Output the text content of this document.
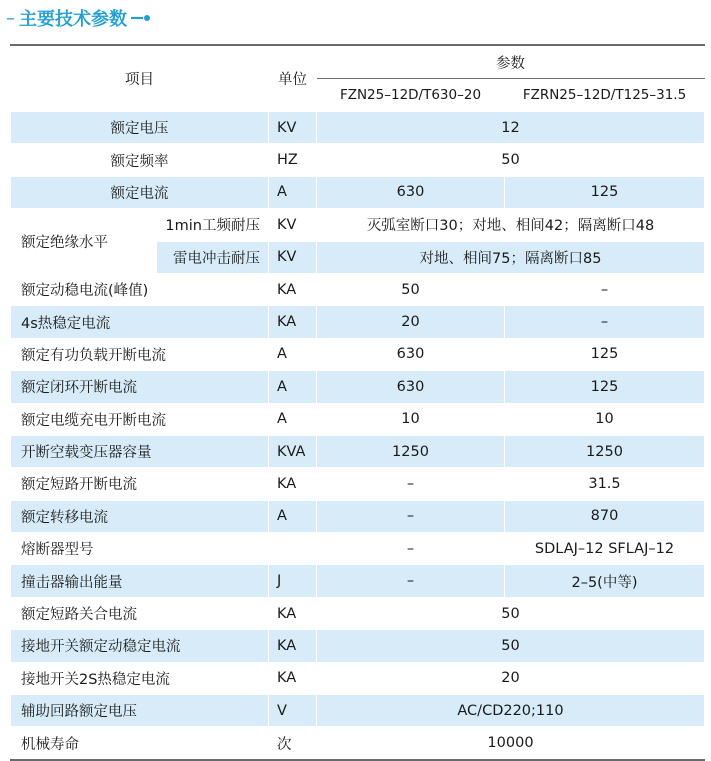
– 主要技术参数
项目		单位	参数	
			FZN25–12D/T630–20	FZRN25–12D/T125–31.5
额定电压		KV	12	
额定频率		HZ	50	
额定电流		A	630	125
额定绝缘水平	1min工频耐压	KV	灭弧室断口30；对地、相间42；隔离断口48	
	雷电冲击耐压	KV	对地、相间75；隔离断口85	
额定动稳电流(峰值)		KA	50	–
4s热稳定电流		KA	20	–
额定有功负载开断电流		A	630	125
额定闭环开断电流		A	630	125
额定电缆充电开断电流		A	10	10
开断空载变压器容量		KVA	1250	1250
额定短路开断电流		KA	–	31.5
额定转移电流		A	–	870
熔断器型号			–	SDLAJ–12 SFLAJ–12
撞击器输出能量		J	–	2–5(中等)
额定短路关合电流		KA	50	
接地开关额定动稳定电流		KA	50	
接地开关2S热稳定电流		KA	20	
辅助回路额定电压		V	AC/CD220;110	
机械寿命		次	10000	
